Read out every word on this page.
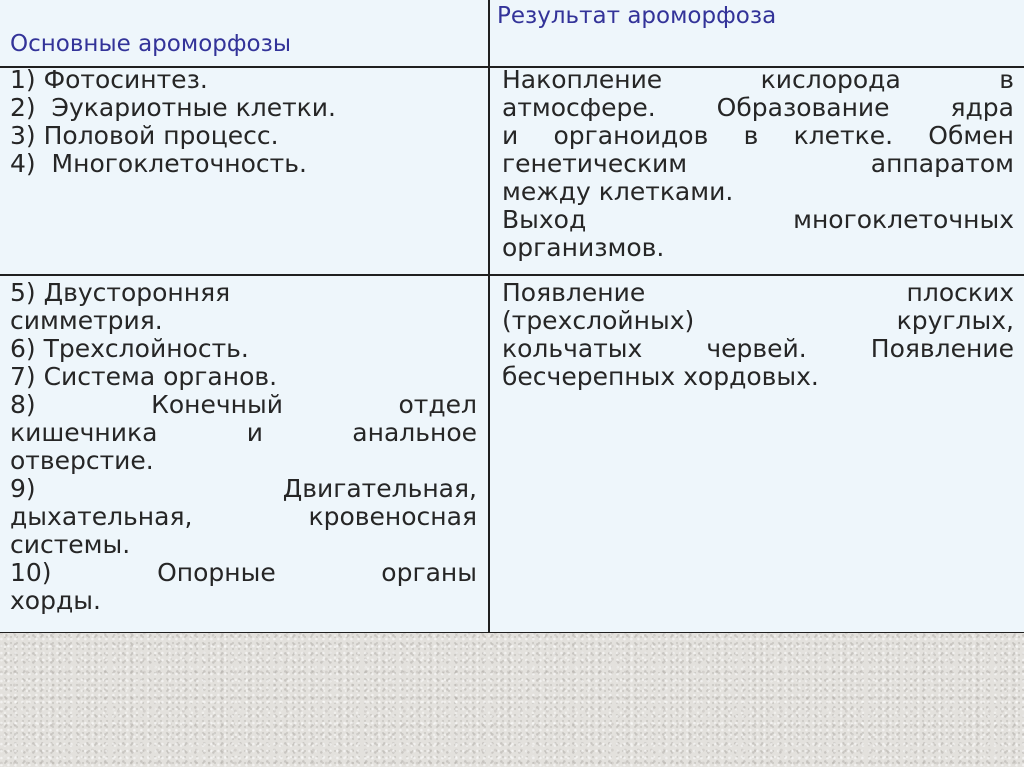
Основные ароморфозы
Результат ароморфоза
1) Фотосинтез.
2)  Эукариотные клетки.
3) Половой процесс.
4)  Многоклеточность.
Накопление кислорода в
атмосфере. Образование ядра
и органоидов в клетке. Обмен
генетическим аппаратом
между клетками.
Выход многоклеточных
организмов.
5) Двусторонняя
симметрия.
6) Трехслойность.
7) Система органов.
8) Конечный отдел
кишечника и анальное
отверстие.
9) Двигательная,
дыхательная, кровеносная
системы.
10) Опорные органы
хорды.
Появление плоских
(трехслойных) круглых,
кольчатых червей. Появление
бесчерепных хордовых.
